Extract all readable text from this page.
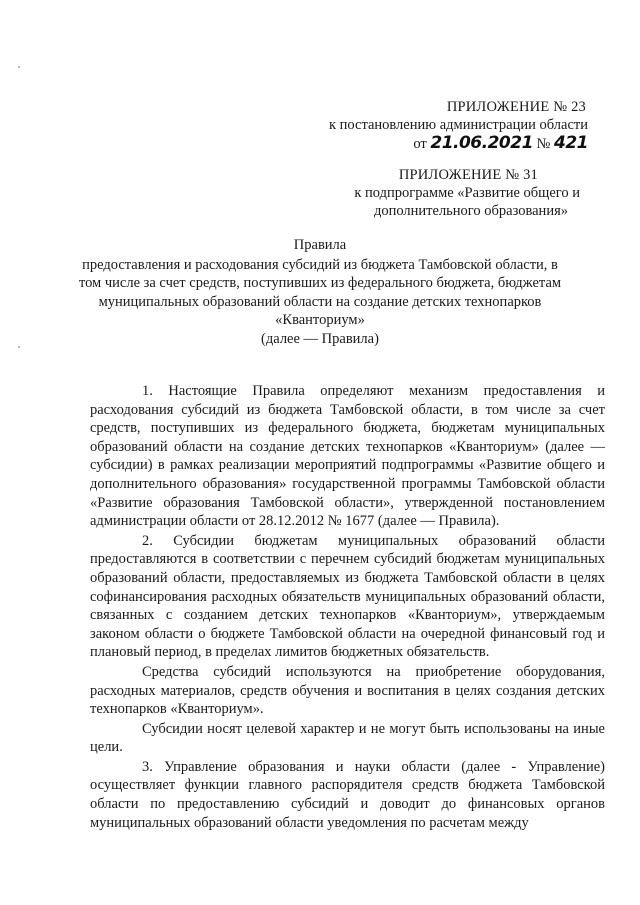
ПРИЛОЖЕНИЕ № 23
к постановлению администрации области
от 21.06.2021 № 421
ПРИЛОЖЕНИЕ № 31
к подпрограмме «Развитие общего и
дополнительного образования»
Правила
предоставления и расходования субсидий из бюджета Тамбовской области, в
том числе за счет средств, поступивших из федерального бюджета, бюджетам
муниципальных образований области на создание детских технопарков
«Кванториум»
(далее — Правила)

1. Настоящие Правила определяют механизм предоставления и расходования субсидий из бюджета Тамбовской области, в том числе за счет средств, поступивших из федерального бюджета, бюджетам муниципальных образований области на создание детских технопарков «Кванториум» (далее — субсидии) в рамках реализации мероприятий подпрограммы «Развитие общего и дополнительного образования» государственной программы Тамбовской области «Развитие образования Тамбовской области», утвержденной постановлением администрации области от 28.12.2012 № 1677 (далее — Правила).

2. Субсидии бюджетам муниципальных образований области предоставляются в соответствии с перечнем субсидий бюджетам муниципальных образований области, предоставляемых из бюджета Тамбовской области в целях софинансирования расходных обязательств муниципальных образований области, связанных с созданием детских технопарков «Кванториум», утверждаемым законом области о бюджете Тамбовской области на очередной финансовый год и плановый период, в пределах лимитов бюджетных обязательств.

Средства субсидий используются на приобретение оборудования, расходных материалов, средств обучения и воспитания в целях создания детских технопарков «Кванториум».

Субсидии носят целевой характер и не могут быть использованы на иные цели.

3. Управление образования и науки области (далее - Управление) осуществляет функции главного распорядителя средств бюджета Тамбовской области по предоставлению субсидий и доводит до финансовых органов муниципальных образований области уведомления по расчетам между
